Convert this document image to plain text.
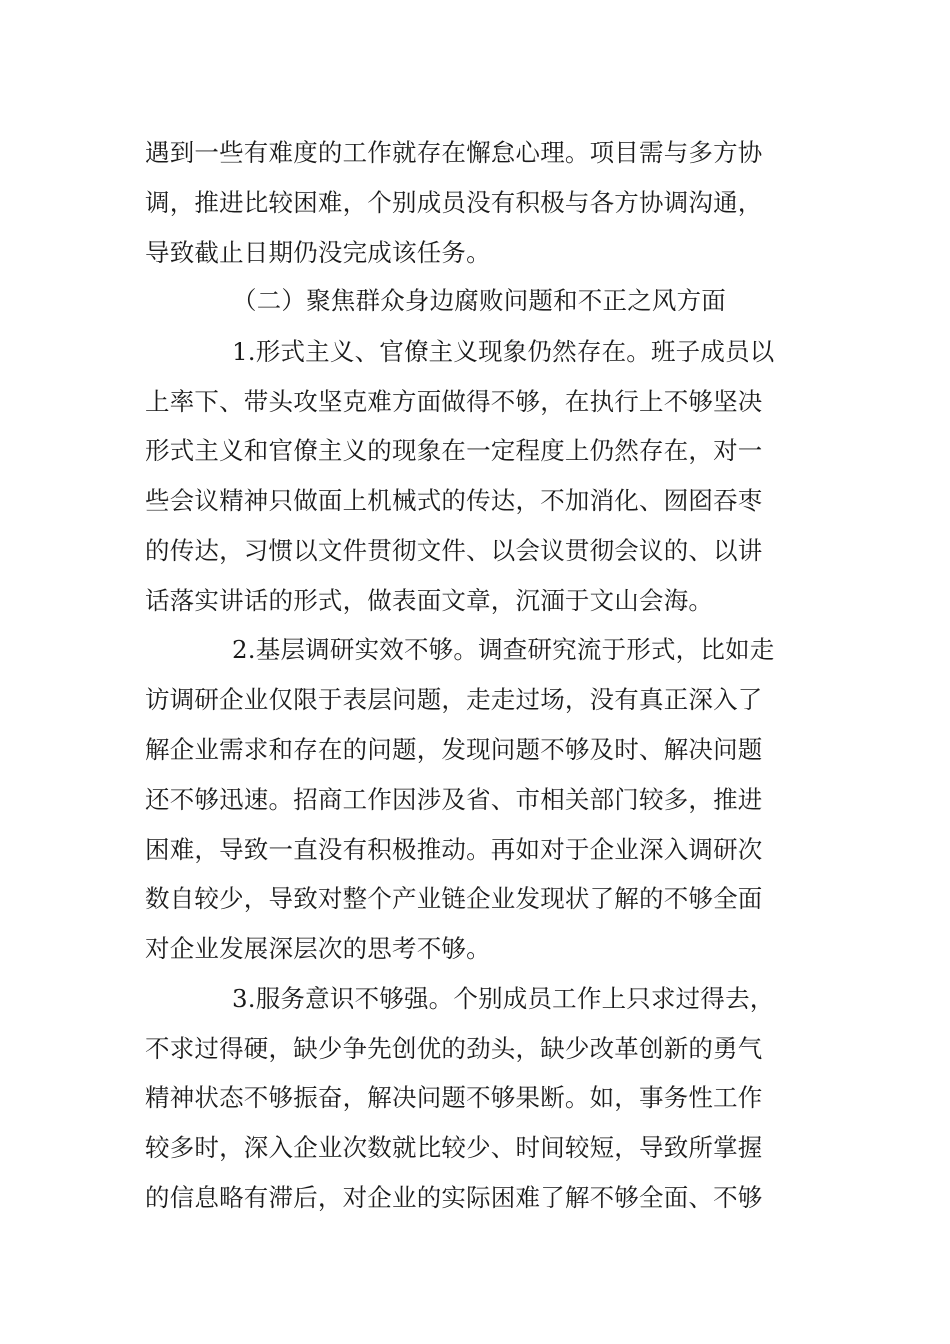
遇到一些有难度的工作就存在懈怠心理。项目需与多方协

调，推进比较困难，个别成员没有积极与各方协调沟通，

导致截止日期仍没完成该任务。

（二）聚焦群众身边腐败问题和不正之风方面

1.形式主义、官僚主义现象仍然存在。班子成员以

上率下、带头攻坚克难方面做得不够，在执行上不够坚决

形式主义和官僚主义的现象在一定程度上仍然存在，对一

些会议精神只做面上机械式的传达，不加消化、囫囵吞枣

的传达，习惯以文件贯彻文件、以会议贯彻会议的、以讲

话落实讲话的形式，做表面文章，沉湎于文山会海。

2.基层调研实效不够。调查研究流于形式，比如走

访调研企业仅限于表层问题，走走过场，没有真正深入了

解企业需求和存在的问题，发现问题不够及时、解决问题

还不够迅速。招商工作因涉及省、市相关部门较多，推进

困难，导致一直没有积极推动。再如对于企业深入调研次

数自较少，导致对整个产业链企业发现状了解的不够全面

对企业发展深层次的思考不够。

3.服务意识不够强。个别成员工作上只求过得去，

不求过得硬，缺少争先创优的劲头，缺少改革创新的勇气

精神状态不够振奋，解决问题不够果断。如，事务性工作

较多时，深入企业次数就比较少、时间较短，导致所掌握

的信息略有滞后，对企业的实际困难了解不够全面、不够
